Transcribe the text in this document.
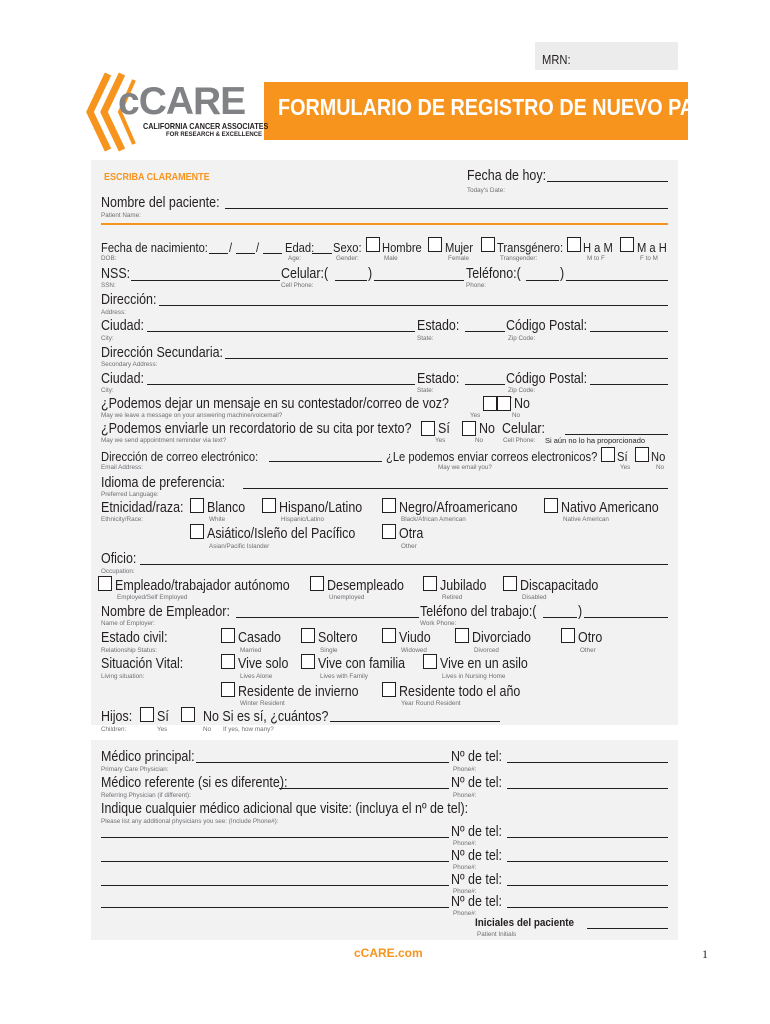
MRN:
cCARE
CALIFORNIA CANCER ASSOCIATES
FOR RESEARCH & EXCELLENCE
FORMULARIO DE REGISTRO DE NUEVO PACIENTE
ESCRIBA CLARAMENTE	Fecha de hoy:
Today's Date:
Nombre del paciente:
Patient Name:
Fecha de nacimiento: / /
DOB:
Edad:
Age:
Sexo:
Gender:
Hombre
Male
Mujer
Female
Transgénero:
Transgender:
H a M
M to F
M a H
F to M
NSS:
SSN:
Celular:(	)
Cell Phone:
Teléfono:(	)
Phone:
Dirección:
Address:
Ciudad:
City:
Estado:
State:
Código Postal:
Zip Code:
Dirección Secundaria:
Secondary Address:
Ciudad:
City:
Estado:
State:
Código Postal:
Zip Code:
¿Podemos dejar un mensaje en su contestador/correo de voz?
May we leave a message on your answering machine/voicemail?	Yes
No
No
¿Podemos enviarle un recordatorio de su cita por texto?
May we send appointment reminder via text?
Sí
Yes
No
No
Celular:
Cell Phone: Si aún no lo ha proporcionado
Dirección de correo electrónico:
Email Address:
¿Le podemos enviar correos electronicos?
May we email you?
Sí
Yes
No
No
Idioma de preferencia:
Preferred Language:
Etnicidad/raza:
Ethnicity/Race:
Blanco
White
Hispano/Latino
Hispanic/Latino
Negro/Afroamericano
Black/African American
Nativo Americano
Native American
Asiático/Isleño del Pacífico
Asian/Pacific Islander
Otra
Other
Oficio:
Occupation:
Empleado/trabajador autónomo
Employed/Self Employed
Desempleado
Unemployed
Jubilado
Retired
Discapacitado
Disabled
Nombre de Empleador:
Name of Employer:
Teléfono del trabajo:(	)
Work Phone:
Estado civil:
Relationship Status:
Casado
Married
Soltero
Single
Viudo
Widowed
Divorciado
Divorced
Otro
Other
Situación Vital:
Living situation:
Vive solo
Lives Alone
Vive con familia
Lives with Family
Vive en un asilo
Lives in Nursing Home
Residente de invierno
Winter Resident
Residente todo el año
Year Round Resident
Hijos:
Children:
Sí
Yes
No Si es sí, ¿cuántos?
No If yes, how many?
Médico principal:
Primary Care Physician:
Nº de tel:
Phone#:
Médico referente (si es diferente):
Referring Physician (if different):
Nº de tel:
Phone#:
Indique cualquier médico adicional que visite: (incluya el nº de tel):
Please list any additional physicians you see: (Include Phone#):
Nº de tel:
Phone#:
Nº de tel:
Phone#:
Nº de tel:
Phone#:
Nº de tel:
Phone#:
Iniciales del paciente
Patient Initials
cCARE.com	1
